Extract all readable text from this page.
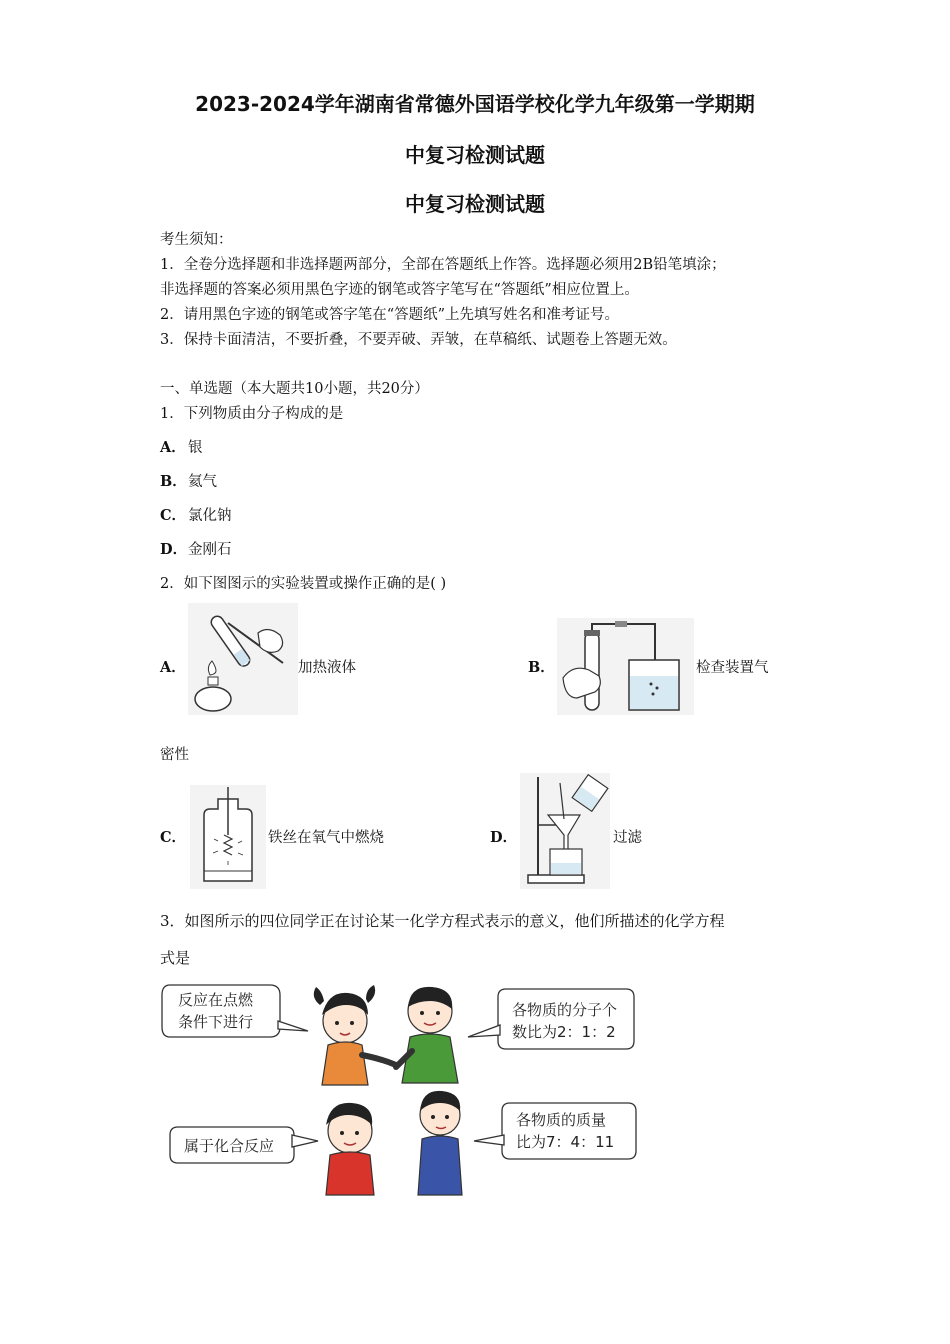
2023-2024学年湖南省常德外国语学校化学九年级第一学期期
中复习检测试题
中复习检测试题
考生须知：
1．全卷分选择题和非选择题两部分，全部在答题纸上作答。选择题必须用2B铅笔填涂；
非选择题的答案必须用黑色字迹的钢笔或答字笔写在“答题纸”相应位置上。
2．请用黑色字迹的钢笔或答字笔在“答题纸”上先填写姓名和准考证号。
3．保持卡面清洁，不要折叠，不要弄破、弄皱，在草稿纸、试题卷上答题无效。
一、单选题（本大题共10小题，共20分）
1．下列物质由分子构成的是
A． 银
B． 氦气
C． 氯化钠
D． 金刚石
2．如下图图示的实验装置或操作正确的是( )
A．	加热液体	B．	检查装置气
密性
C．	铁丝在氧气中燃烧	D．	过滤
3．如图所示的四位同学正在讨论某一化学方程式表示的意义，他们所描述的化学方程
式是
反应在点燃
条件下进行
各物质的分子个
数比为2：1：2
属于化合反应
各物质的质量
比为7：4：11
